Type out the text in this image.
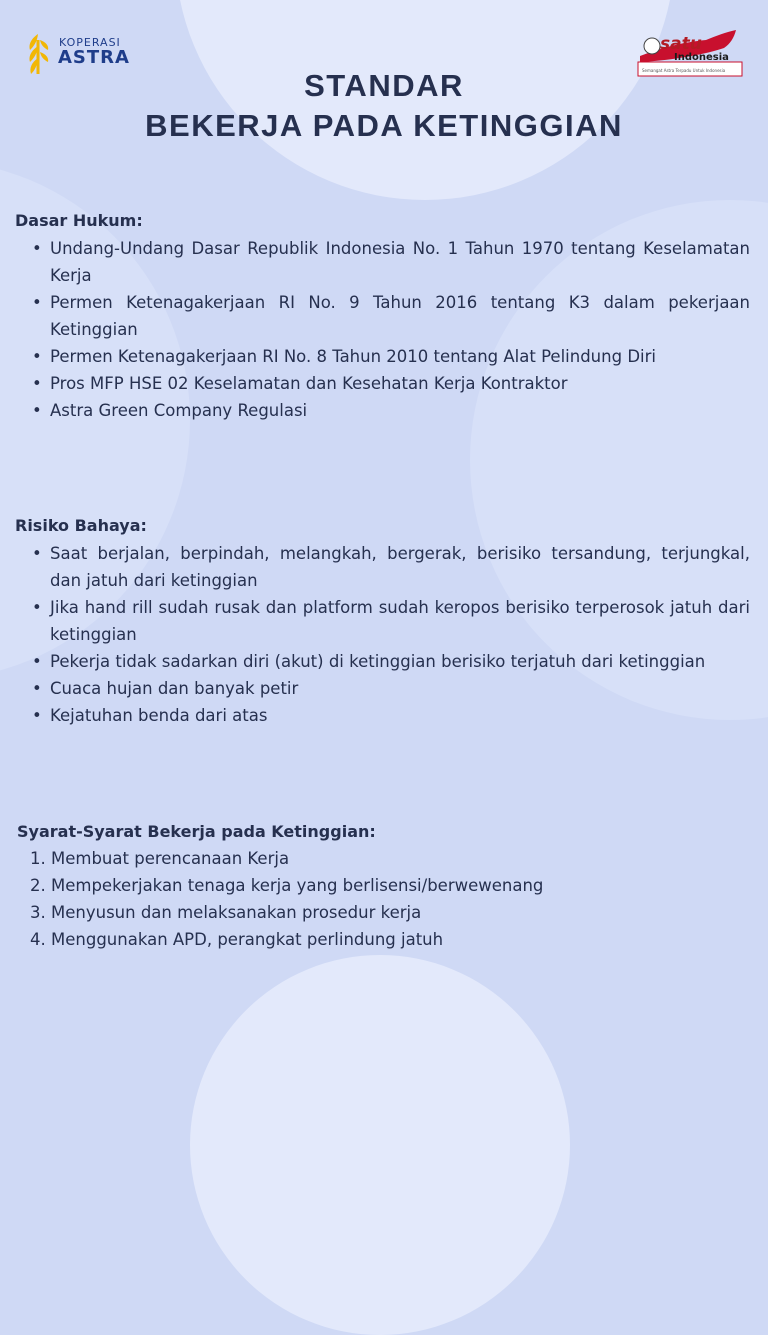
KOPERASI
ASTRA
satu
Indonesia
Semangat Astra Terpadu Untuk Indonesia
STANDAR
BEKERJA PADA KETINGGIAN
Dasar Hukum:
• Undang-Undang Dasar Republik Indonesia No. 1 Tahun 1970 tentang Keselamatan Kerja
• Permen Ketenagakerjaan RI No. 9 Tahun 2016 tentang K3 dalam pekerjaan Ketinggian
• Permen Ketenagakerjaan RI No. 8 Tahun 2010 tentang Alat Pelindung Diri
• Pros MFP HSE 02 Keselamatan dan Kesehatan Kerja Kontraktor
• Astra Green Company Regulasi
Risiko Bahaya:
• Saat berjalan, berpindah, melangkah, bergerak, berisiko tersandung, terjungkal, dan jatuh dari ketinggian
• Jika hand rill sudah rusak dan platform sudah keropos berisiko terperosok jatuh dari ketinggian
• Pekerja tidak sadarkan diri (akut) di ketinggian berisiko terjatuh dari ketinggian
• Cuaca hujan dan banyak petir
• Kejatuhan benda dari atas
Syarat-Syarat Bekerja pada Ketinggian:
1. Membuat perencanaan Kerja
2. Mempekerjakan tenaga kerja yang berlisensi/berwewenang
3. Menyusun dan melaksanakan prosedur kerja
4. Menggunakan APD, perangkat perlindung jatuh
